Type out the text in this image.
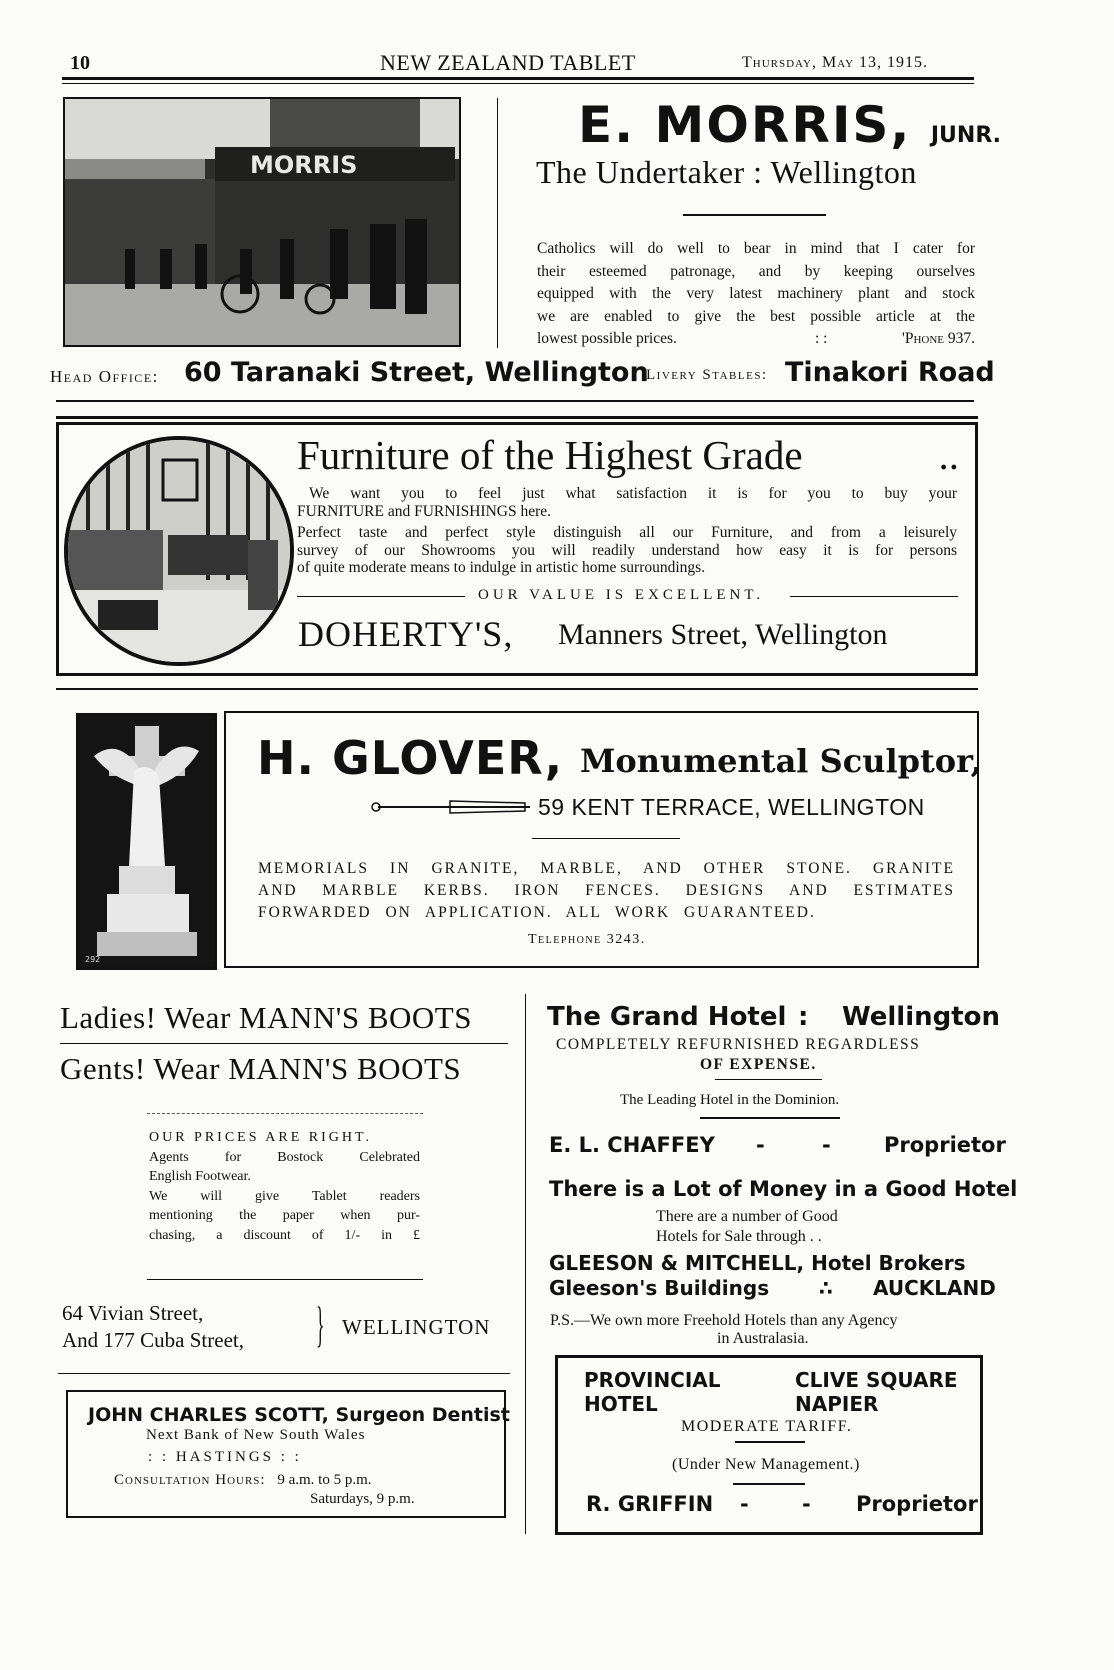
10	NEW ZEALAND TABLET	Thursday, May 13, 1915.
MORRIS
E. MORRIS, JUNR.
The Undertaker : Wellington
Catholics will do well to bear in mind that I cater for
their esteemed patronage, and by keeping ourselves
equipped with the very latest machinery plant and stock
we are enabled to give the best possible article at the
lowest possible prices.	: :	'Phone 937.
Head Office: 60 Taranaki Street, Wellington
Livery Stables: Tinakori Road
Furniture of the Highest Grade	..
We want you to feel just what satisfaction it is for you to buy your
FURNITURE and FURNISHINGS here.
Perfect taste and perfect style distinguish all our Furniture, and from a leisurely
survey of our Showrooms you will readily understand how easy it is for persons
of quite moderate means to indulge in artistic home surroundings.
OUR VALUE IS EXCELLENT.
DOHERTY'S, Manners Street, Wellington
292
H. GLOVER, Monumental Sculptor,
59 KENT TERRACE, WELLINGTON
MEMORIALS IN GRANITE, MARBLE, AND OTHER STONE. GRANITE
AND MARBLE KERBS. IRON FENCES. DESIGNS AND ESTIMATES
FORWARDED ON APPLICATION. ALL WORK GUARANTEED.
Telephone 3243.
Ladies! Wear MANN'S BOOTS
Gents! Wear MANN'S BOOTS
OUR PRICES ARE RIGHT.
Agents for Bostock Celebrated
English Footwear.
We will give Tablet readers
mentioning the paper when pur-
chasing, a discount of 1/- in £
64 Vivian Street,
And 177 Cuba Street, } WELLINGTON
JOHN CHARLES SCOTT, Surgeon Dentist
Next Bank of New South Wales
: : HASTINGS : :
Consultation Hours: 9 a.m. to 5 p.m.
Saturdays, 9 p.m.
The Grand Hotel : Wellington
COMPLETELY REFURNISHED REGARDLESS
OF EXPENSE.
The Leading Hotel in the Dominion.
E. L. CHAFFEY - -	Proprietor
There is a Lot of Money in a Good Hotel
There are a number of Good
Hotels for Sale through . .
GLEESON & MITCHELL, Hotel Brokers
Gleeson's Buildings ∴ AUCKLAND
P.S.—We own more Freehold Hotels than any Agency
in Australasia.
PROVINCIAL
HOTEL
CLIVE SQUARE
NAPIER
MODERATE TARIFF.
(Under New Management.)
R. GRIFFIN - - Proprietor
